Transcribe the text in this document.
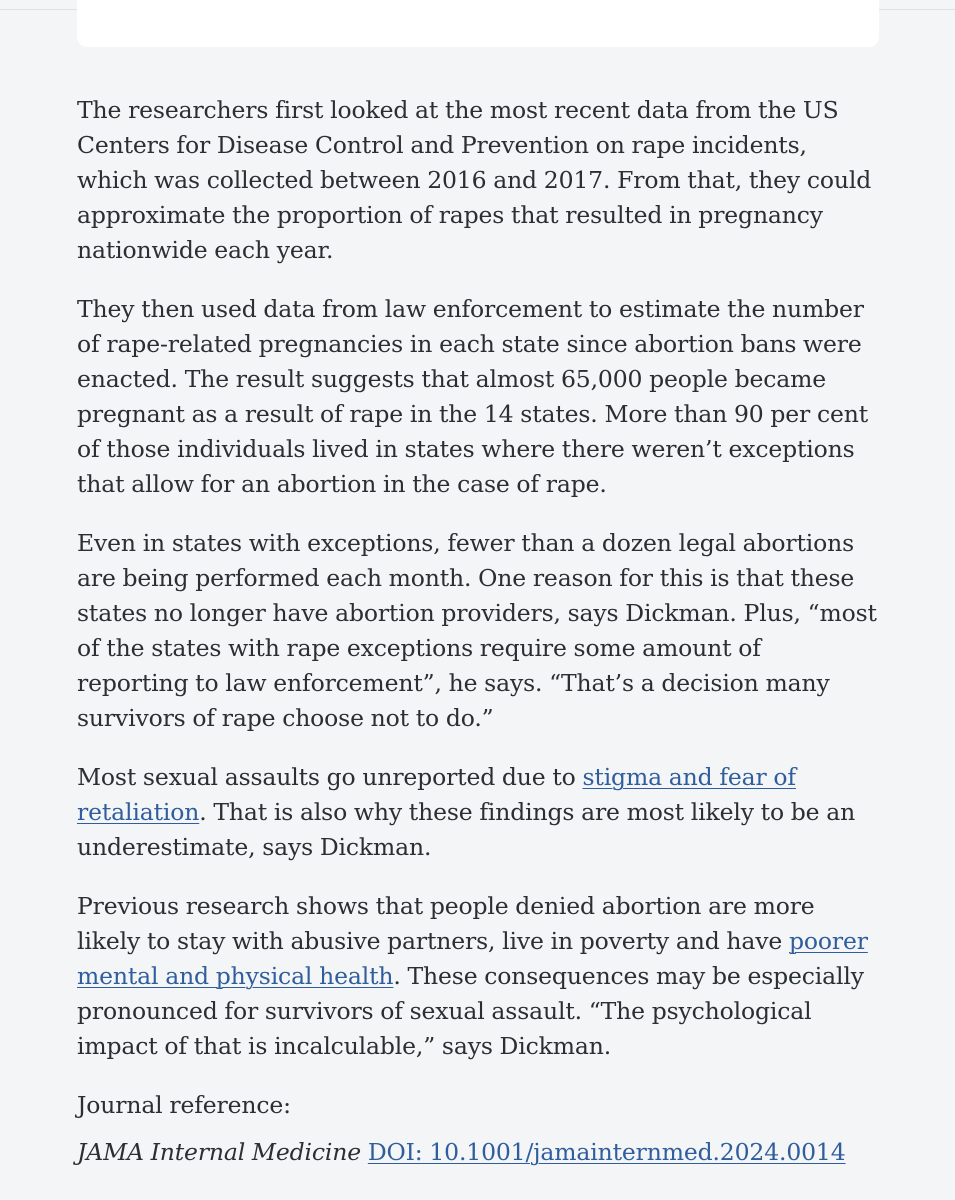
The researchers first looked at the most recent data from the US Centers for Disease Control and Prevention on rape incidents, which was collected between 2016 and 2017. From that, they could approximate the proportion of rapes that resulted in pregnancy nationwide each year.

They then used data from law enforcement to estimate the number of rape-related pregnancies in each state since abortion bans were enacted. The result suggests that almost 65,000 people became pregnant as a result of rape in the 14 states. More than 90 per cent of those individuals lived in states where there weren’t exceptions that allow for an abortion in the case of rape.

Even in states with exceptions, fewer than a dozen legal abortions are being performed each month. One reason for this is that these states no longer have abortion providers, says Dickman. Plus, “most of the states with rape exceptions require some amount of reporting to law enforcement”, he says. “That’s a decision many survivors of rape choose not to do.”

Most sexual assaults go unreported due to stigma and fear of retaliation. That is also why these findings are most likely to be an underestimate, says Dickman.

Previous research shows that people denied abortion are more likely to stay with abusive partners, live in poverty and have poorer mental and physical health. These consequences may be especially pronounced for survivors of sexual assault. “The psychological impact of that is incalculable,” says Dickman.

Journal reference:

JAMA Internal Medicine DOI: 10.1001/jamainternmed.2024.0014
